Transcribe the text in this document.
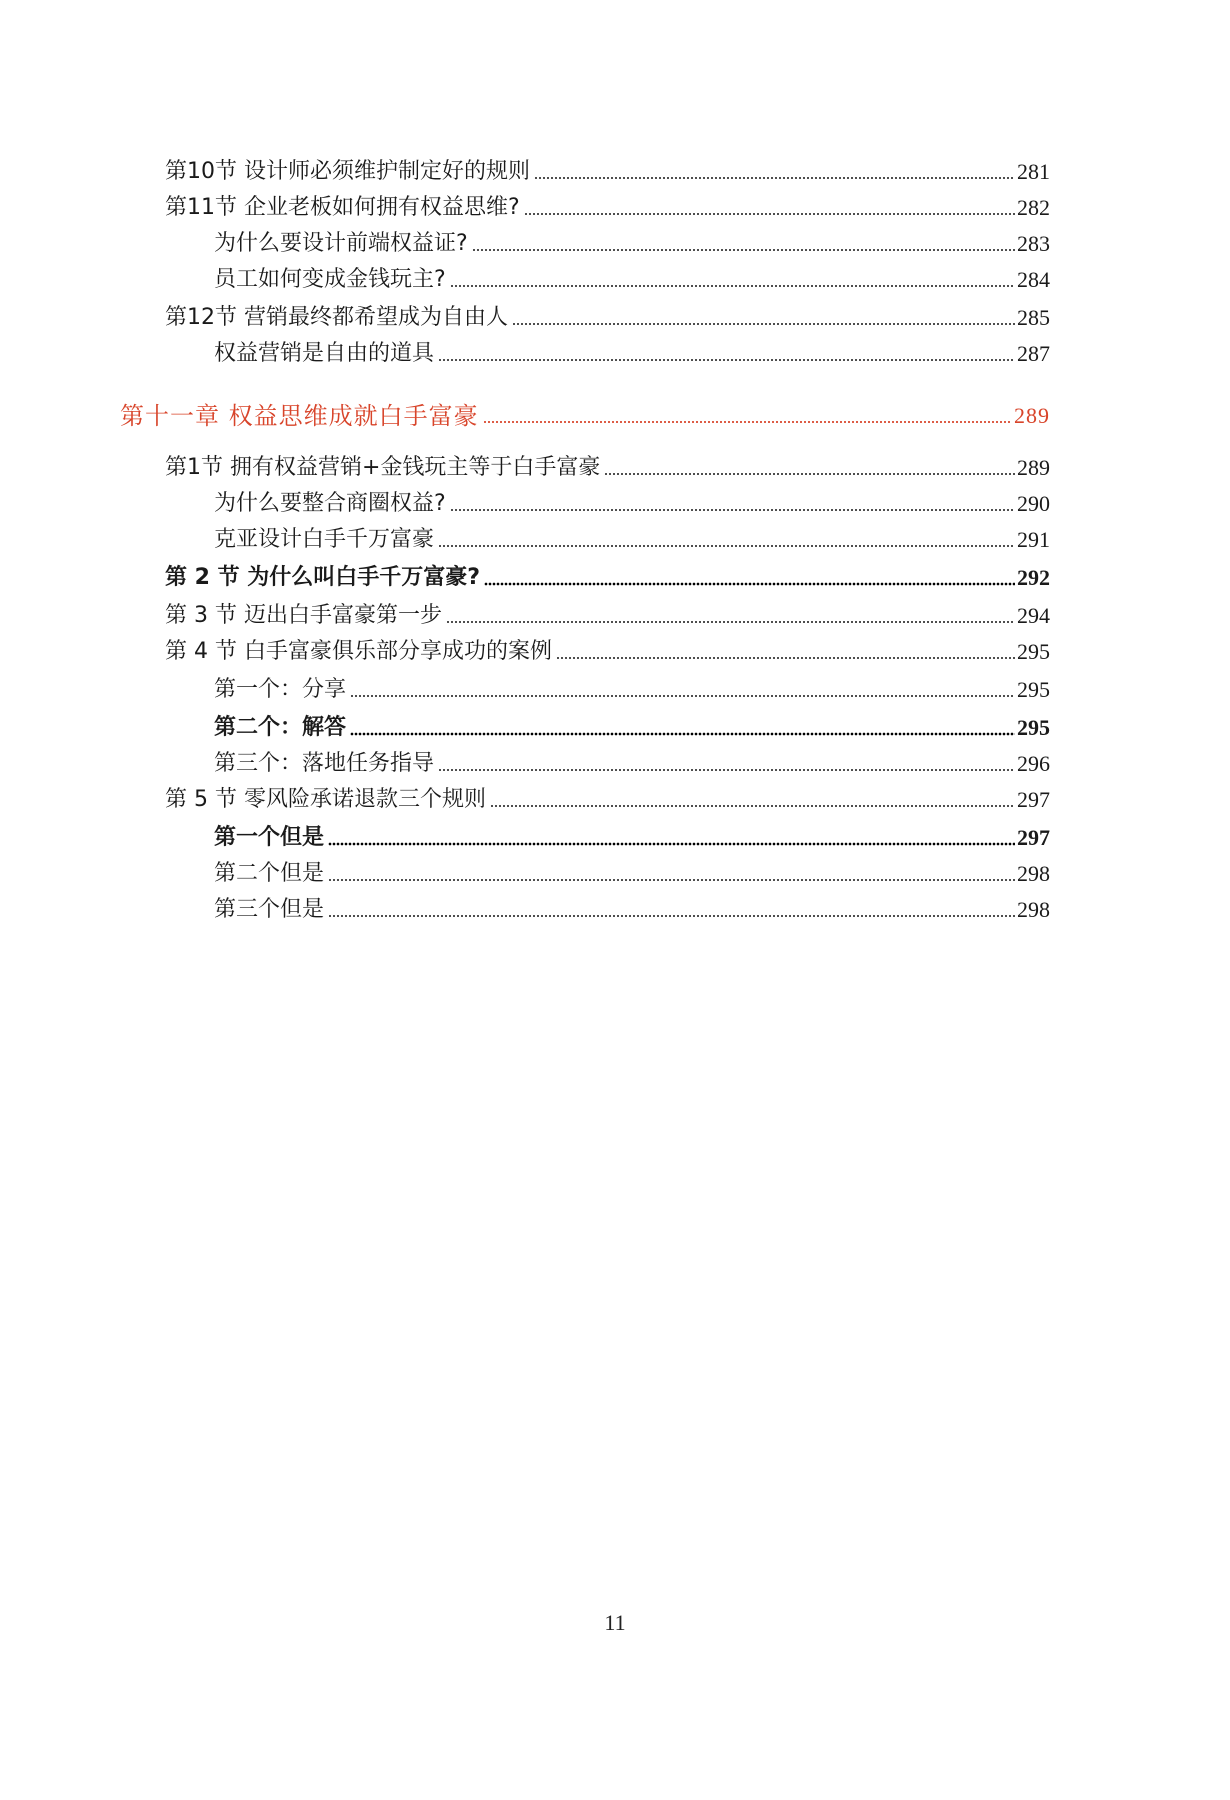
第10节 设计师必须维护制定好的规则	281
第11节 企业老板如何拥有权益思维?	282
为什么要设计前端权益证?	283
员工如何变成金钱玩主?	284
第12节 营销最终都希望成为自由人	285
权益营销是自由的道具	287
第十一章 权益思维成就白手富豪	289
第1节 拥有权益营销+金钱玩主等于白手富豪	289
为什么要整合商圈权益?	290
克亚设计白手千万富豪	291
第 2 节 为什么叫白手千万富豪?	292
第 3 节 迈出白手富豪第一步	294
第 4 节 白手富豪俱乐部分享成功的案例	295
第一个：分享	295
第二个：解答	295
第三个：落地任务指导	296
第 5 节 零风险承诺退款三个规则	297
第一个但是	297
第二个但是	298
第三个但是	298
11
